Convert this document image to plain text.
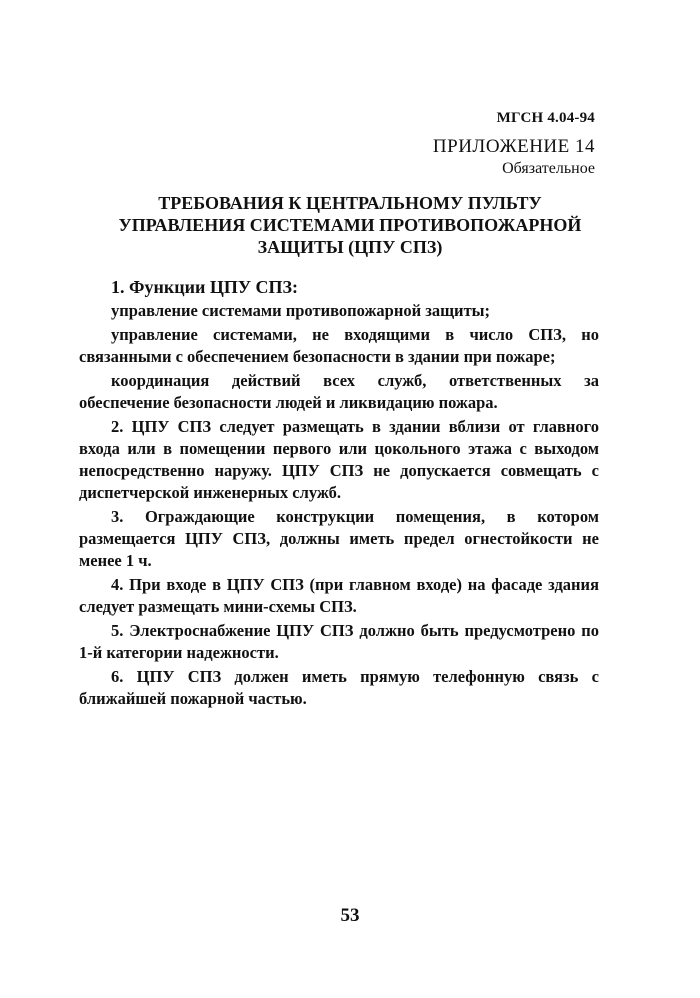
МГСН 4.04-94
ПРИЛОЖЕНИЕ 14
Обязательное
ТРЕБОВАНИЯ К ЦЕНТРАЛЬНОМУ ПУЛЬТУ
УПРАВЛЕНИЯ СИСТЕМАМИ ПРОТИВОПОЖАРНОЙ
ЗАЩИТЫ (ЦПУ СПЗ)

1. Функции ЦПУ СПЗ:

управление системами противопожарной защиты;

управление системами, не входящими в число СПЗ, но связанными с обеспечением безопасности в здании при пожаре;

координация действий всех служб, ответственных за обеспечение безопасности людей и ликвидацию пожара.

2. ЦПУ СПЗ следует размещать в здании вблизи от главного входа или в помещении первого или цокольного этажа с выходом непосредственно наружу. ЦПУ СПЗ не допускается совмещать с диспетчерской инженерных служб.

3. Ограждающие конструкции помещения, в котором размещается ЦПУ СПЗ, должны иметь предел огнестойкости не менее 1 ч.

4. При входе в ЦПУ СПЗ (при главном входе) на фасаде здания следует размещать мини-схемы СПЗ.

5. Электроснабжение ЦПУ СПЗ должно быть предусмотрено по 1-й категории надежности.

6. ЦПУ СПЗ должен иметь прямую телефонную связь с ближайшей пожарной частью.

53
